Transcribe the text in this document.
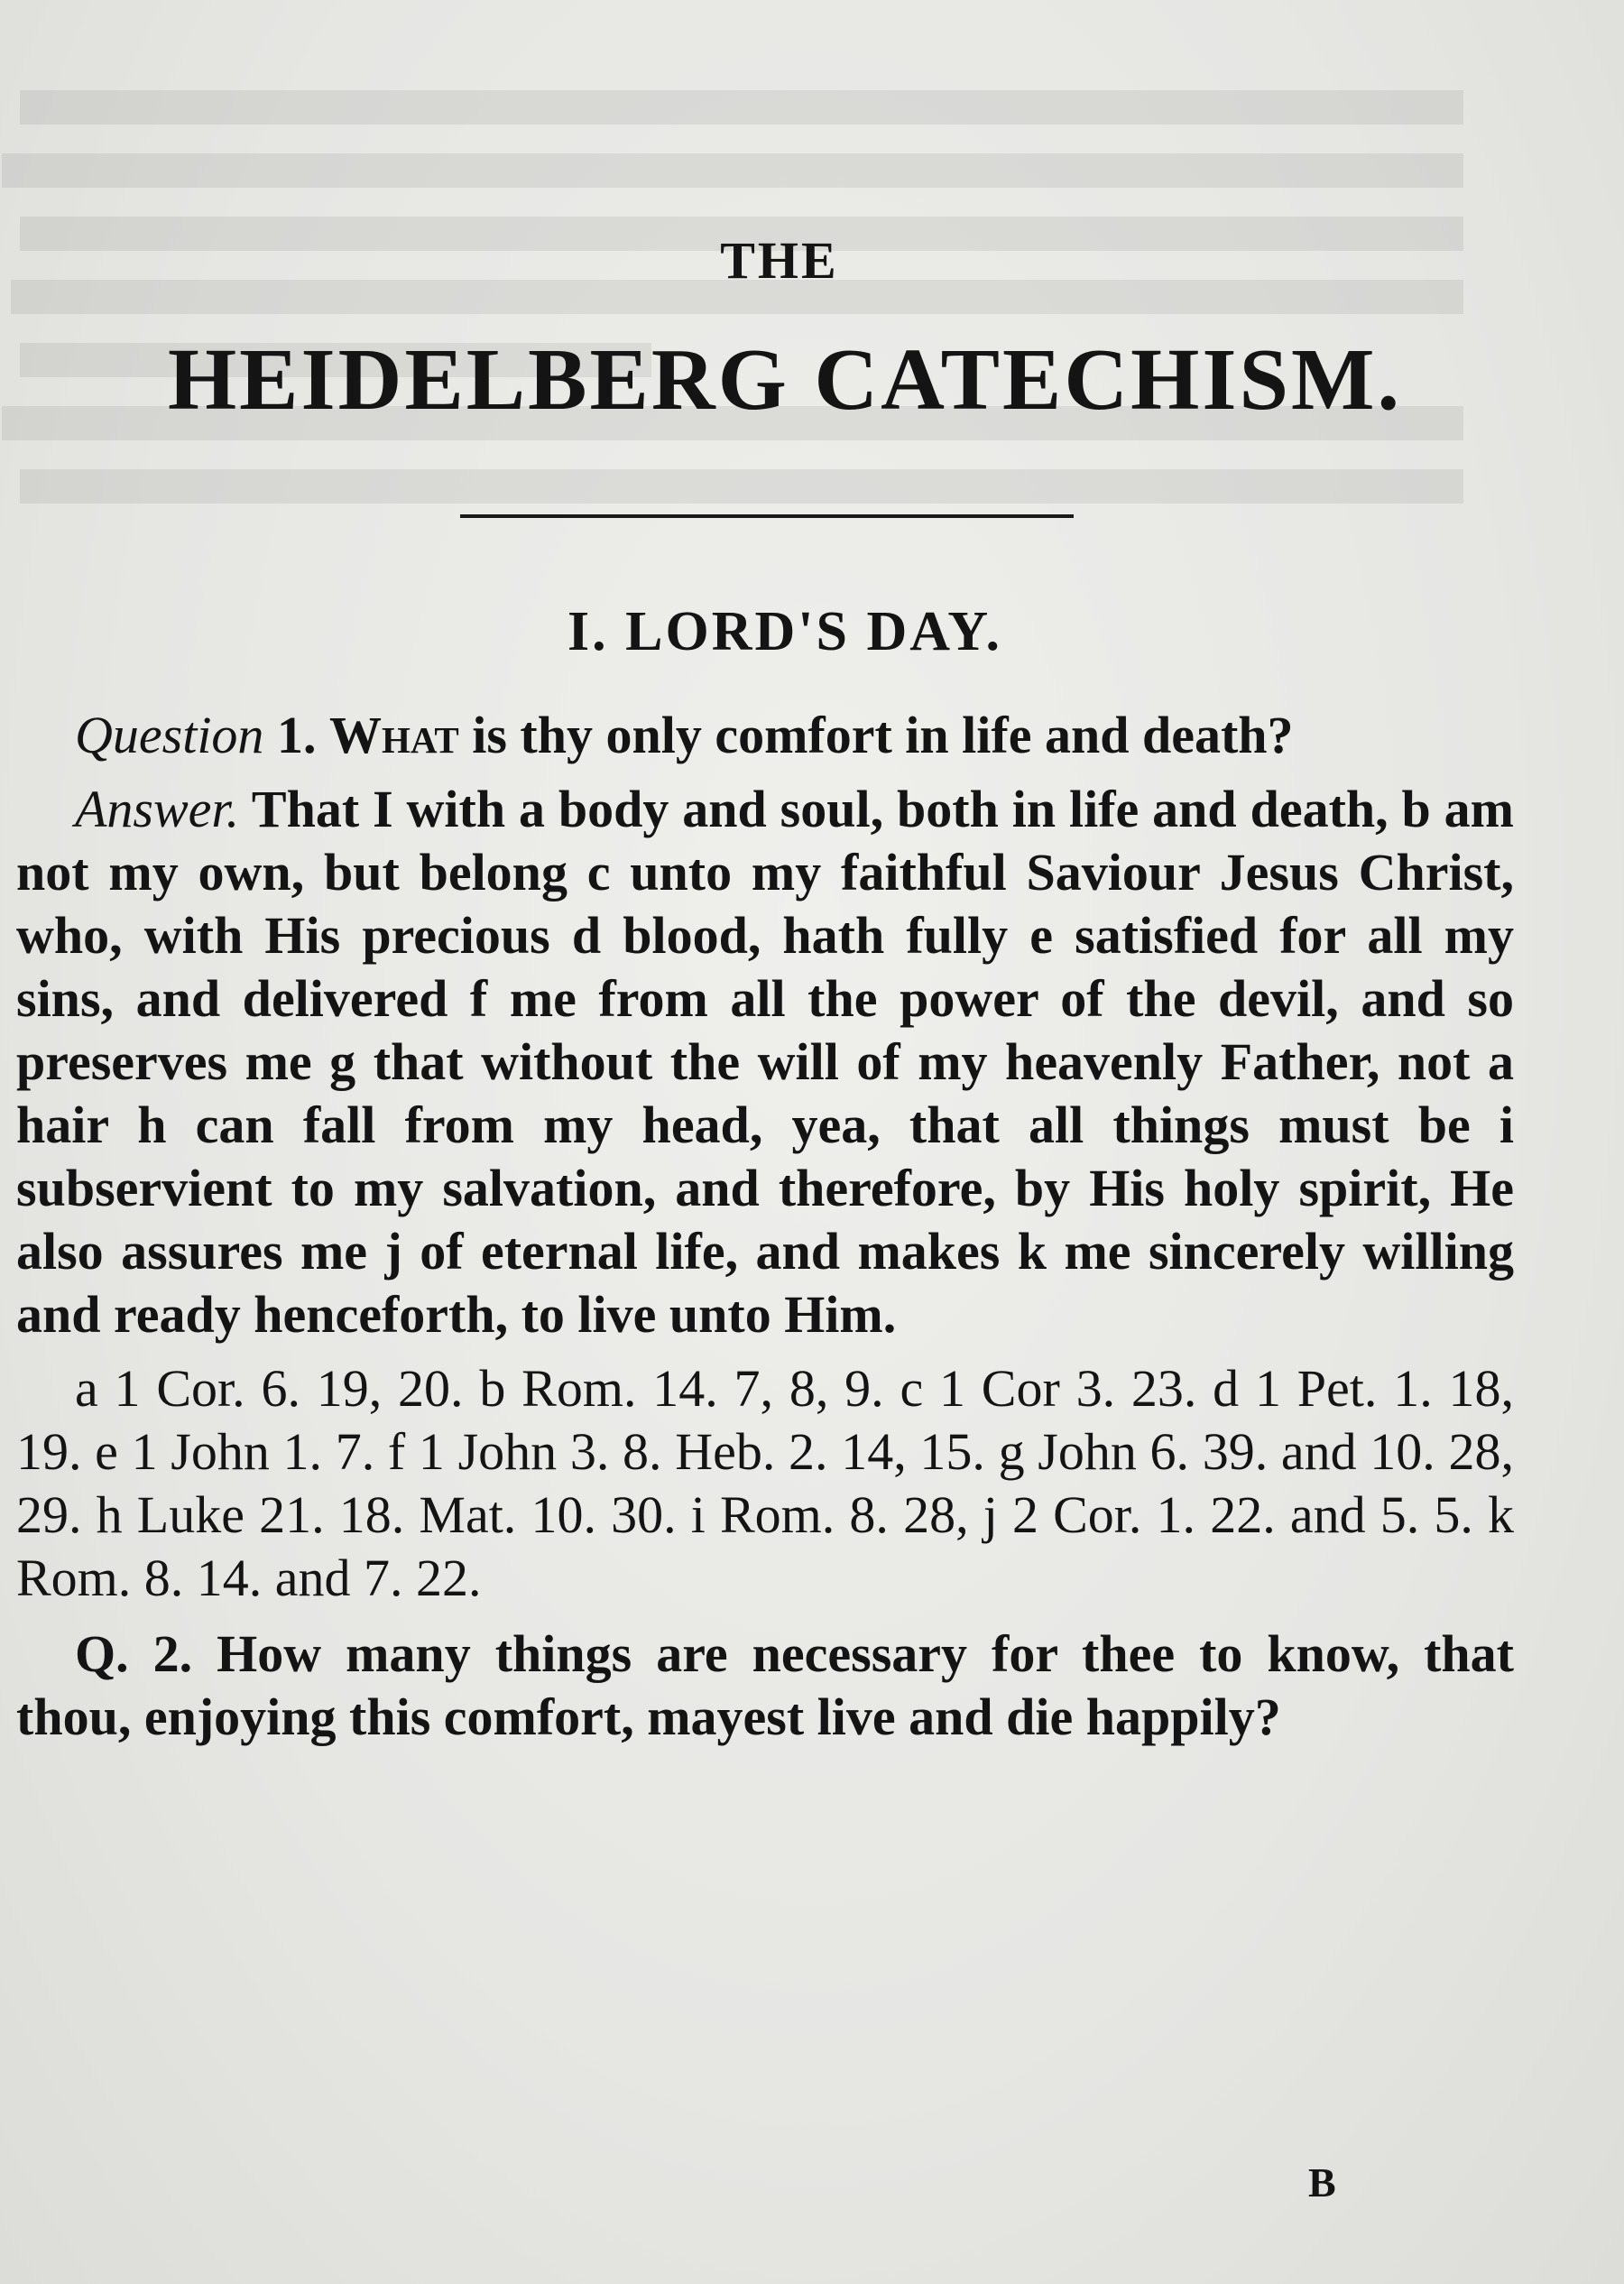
THE
HEIDELBERG CATECHISM.
I. LORD'S DAY.

Question 1. What is thy only comfort in life and death?

Answer. That I with a body and soul, both in life and death, b am not my own, but belong c unto my faithful Saviour Jesus Christ, who, with His precious d blood, hath fully e satisfied for all my sins, and delivered f me from all the power of the devil, and so preserves me g that without the will of my heavenly Father, not a hair h can fall from my head, yea, that all things must be i subservient to my salvation, and therefore, by His holy spirit, He also assures me j of eternal life, and makes k me sincerely willing and ready henceforth, to live unto Him.

a 1 Cor. 6. 19, 20. b Rom. 14. 7, 8, 9. c 1 Cor 3. 23. d 1 Pet. 1. 18, 19. e 1 John 1. 7. f 1 John 3. 8. Heb. 2. 14, 15. g John 6. 39. and 10. 28, 29. h Luke 21. 18. Mat. 10. 30. i Rom. 8. 28, j 2 Cor. 1. 22. and 5. 5. k Rom. 8. 14. and 7. 22.

Q. 2. How many things are necessary for thee to know, that thou, enjoying this comfort, mayest live and die happily?

B
